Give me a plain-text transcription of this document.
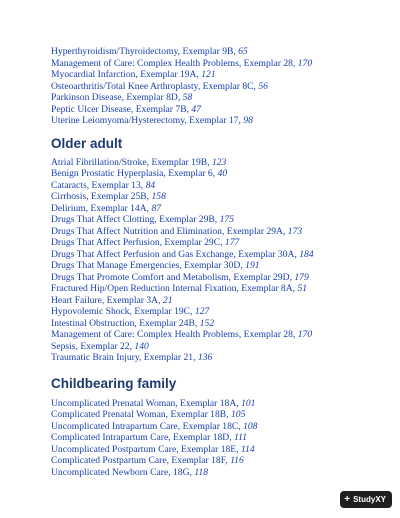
Hyperthyroidism/Thyroidectomy, Exemplar 9B, 65
Management of Care: Complex Health Problems, Exemplar 28, 170
Myocardial Infarction, Exemplar 19A, 121
Osteoarthritis/Total Knee Arthroplasty, Exemplar 8C, 56
Parkinson Disease, Exemplar 8D, 58
Peptic Ulcer Disease, Exemplar 7B, 47
Uterine Leiomyoma/Hysterectomy, Exemplar 17, 98
Older adult
Atrial Fibrillation/Stroke, Exemplar 19B, 123
Benign Prostatic Hyperplasia, Exemplar 6, 40
Cataracts, Exemplar 13, 84
Cirrhosis, Exemplar 25B, 158
Delirium, Exemplar 14A, 87
Drugs That Affect Clotting, Exemplar 29B, 175
Drugs That Affect Nutrition and Elimination, Exemplar 29A, 173
Drugs That Affect Perfusion, Exemplar 29C, 177
Drugs That Affect Perfusion and Gas Exchange, Exemplar 30A, 184
Drugs That Manage Emergencies, Exemplar 30D, 191
Drugs That Promote Comfort and Metabolism, Exemplar 29D, 179
Fractured Hip/Open Reduction Internal Fixation, Exemplar 8A, 51
Heart Failure, Exemplar 3A, 21
Hypovolemic Shock, Exemplar 19C, 127
Intestinal Obstruction, Exemplar 24B, 152
Management of Care: Complex Health Problems, Exemplar 28, 170
Sepsis, Exemplar 22, 140
Traumatic Brain Injury, Exemplar 21, 136
Childbearing family
Uncomplicated Prenatal Woman, Exemplar 18A, 101
Complicated Prenatal Woman, Exemplar 18B, 105
Uncomplicated Intrapartum Care, Exemplar 18C, 108
Complicated Intrapartum Care, Exemplar 18D, 111
Uncomplicated Postpartum Care, Exemplar 18E, 114
Complicated Postpartum Care, Exemplar 18F, 116
Uncomplicated Newborn Care, 18G, 118
+ StudyXY
